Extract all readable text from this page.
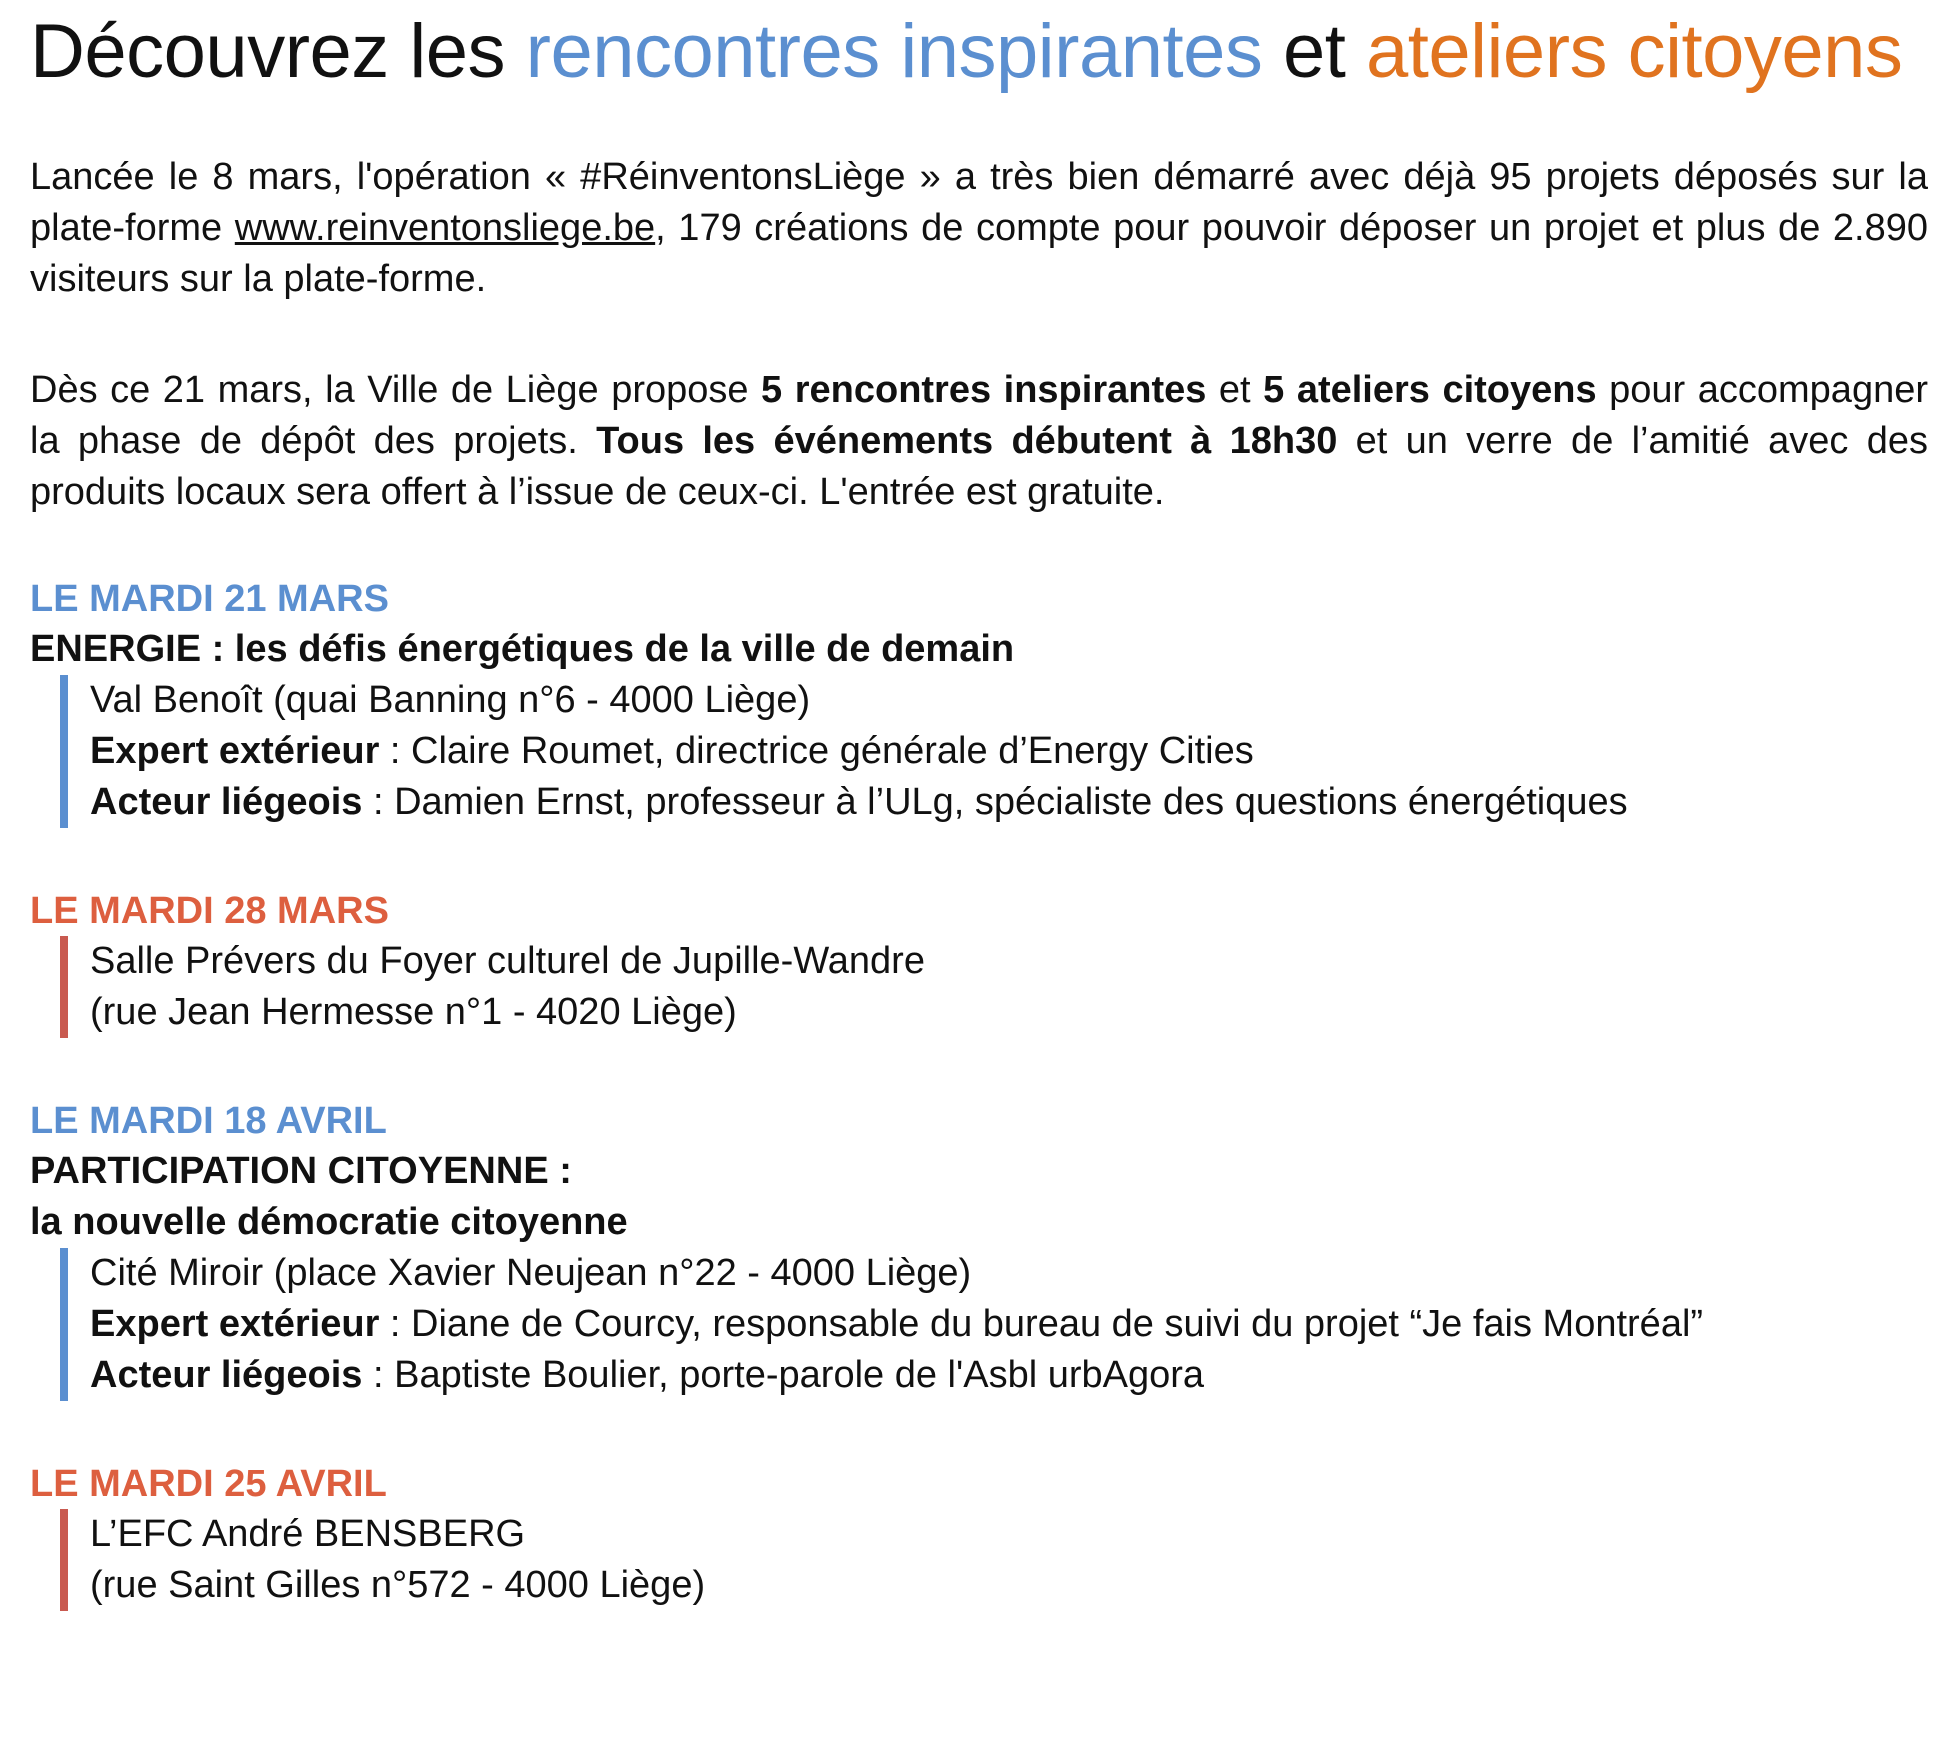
Découvrez les rencontres inspirantes et ateliers citoyens

Lancée le 8 mars, l'opération « #RéinventonsLiège » a très bien démarré avec déjà 95 projets déposés sur la plate-forme www.reinventonsliege.be, 179 créations de compte pour pouvoir déposer un projet et plus de 2.890 visiteurs sur la plate-forme.

Dès ce 21 mars, la Ville de Liège propose 5 rencontres inspirantes et 5 ateliers citoyens pour accompagner la phase de dépôt des projets. Tous les événements débutent à 18h30 et un verre de l’amitié avec des produits locaux sera offert à l’issue de ceux-ci. L'entrée est gratuite.

LE MARDI 21 MARS

ENERGIE : les défis énergétiques de la ville de demain

Val Benoît (quai Banning n°6 - 4000 Liège)
Expert extérieur : Claire Roumet, directrice générale d’Energy Cities
Acteur liégeois : Damien Ernst, professeur à l’ULg, spécialiste des questions énergétiques

LE MARDI 28 MARS

Salle Prévers du Foyer culturel de Jupille-Wandre
(rue Jean Hermesse n°1 - 4020 Liège)

LE MARDI 18 AVRIL

PARTICIPATION CITOYENNE :

la nouvelle démocratie citoyenne

Cité Miroir (place Xavier Neujean n°22 - 4000 Liège)
Expert extérieur : Diane de Courcy, responsable du bureau de suivi du projet “Je fais Montréal”
Acteur liégeois : Baptiste Boulier, porte-parole de l'Asbl urbAgora

LE MARDI 25 AVRIL

L’EFC André BENSBERG
(rue Saint Gilles n°572 - 4000 Liège)
